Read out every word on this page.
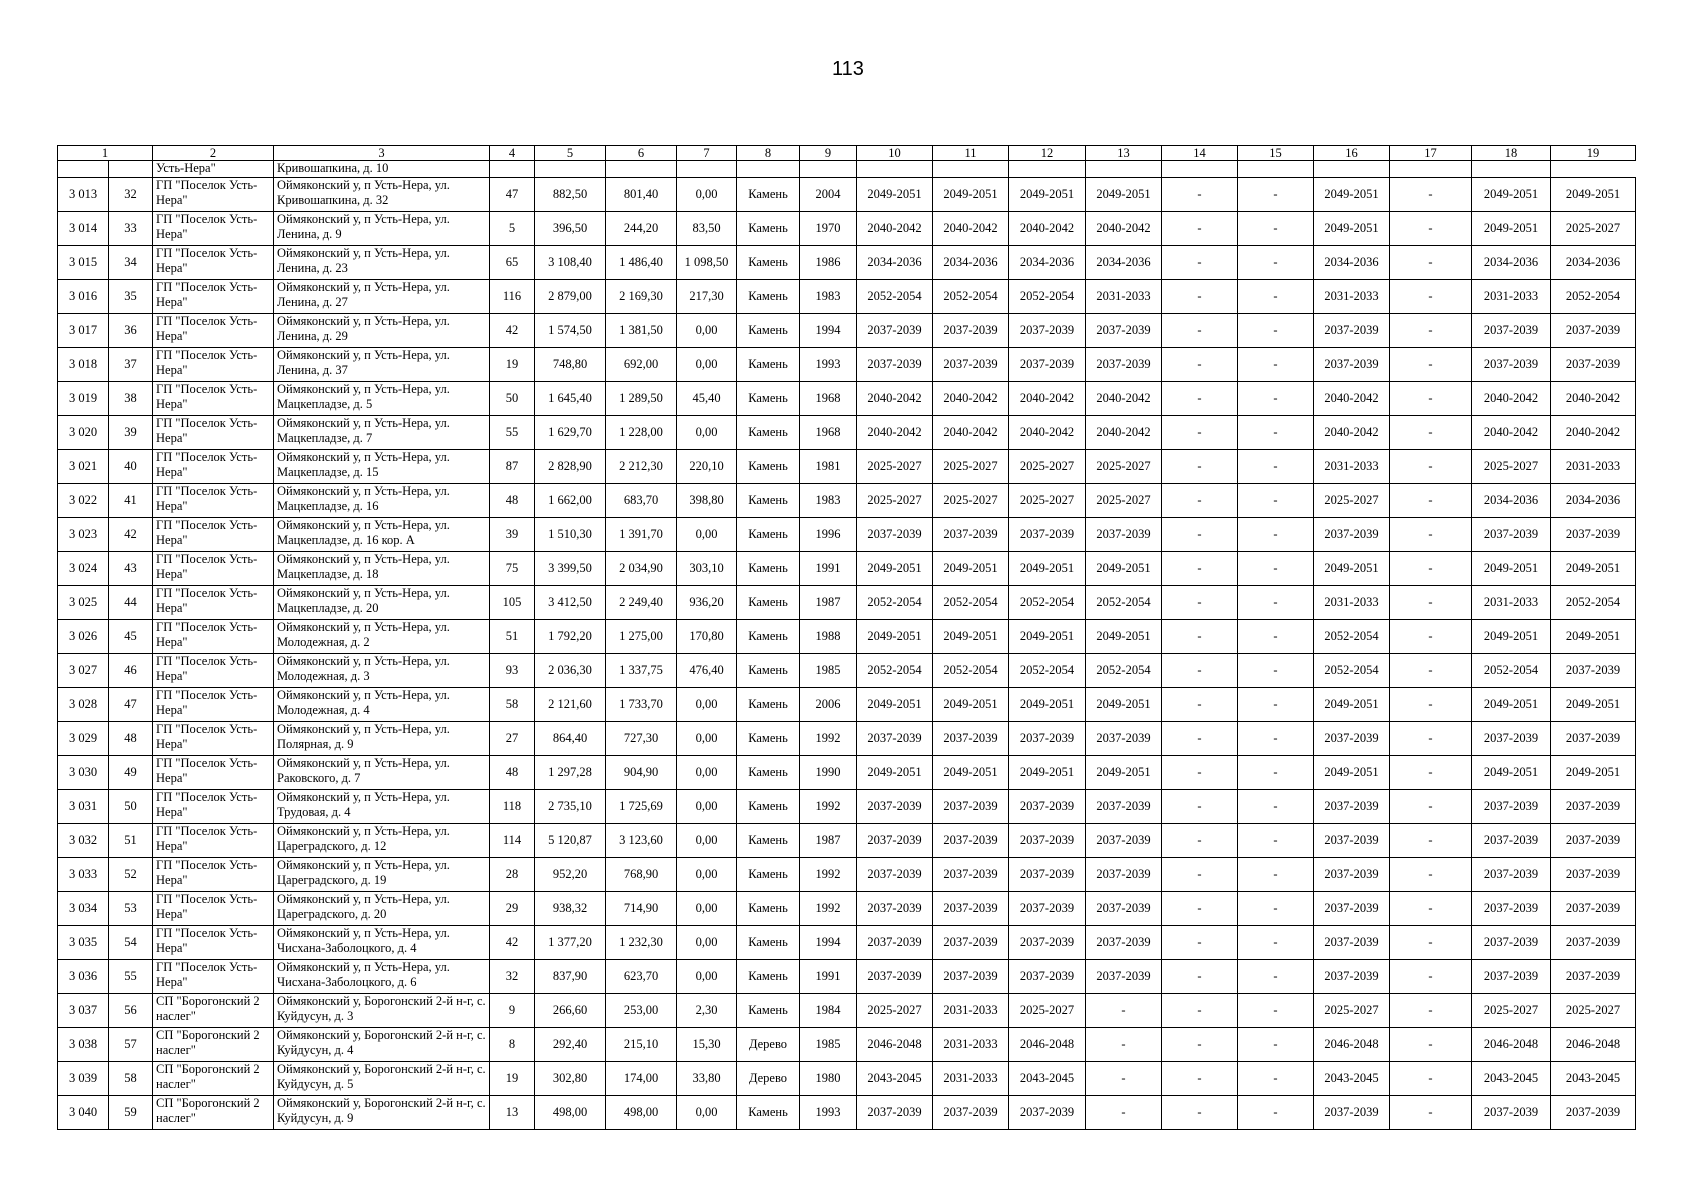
113
1		2	3	4	5	6	7	8	9	10	11	12	13	14	15	16	17	18	19
		Усть-Нера"	Кривошапкина, д. 10																
3 013	32	ГП "Поселок Усть-Нера"	Оймяконский у, п Усть-Нера, ул. Кривошапкина, д. 32	47	882,50	801,40	0,00	Камень	2004	2049-2051	2049-2051	2049-2051	2049-2051	-	-	2049-2051	-	2049-2051	2049-2051
3 014	33	ГП "Поселок Усть-Нера"	Оймяконский у, п Усть-Нера, ул. Ленина, д. 9	5	396,50	244,20	83,50	Камень	1970	2040-2042	2040-2042	2040-2042	2040-2042	-	-	2049-2051	-	2049-2051	2025-2027
3 015	34	ГП "Поселок Усть-Нера"	Оймяконский у, п Усть-Нера, ул. Ленина, д. 23	65	3 108,40	1 486,40	1 098,50	Камень	1986	2034-2036	2034-2036	2034-2036	2034-2036	-	-	2034-2036	-	2034-2036	2034-2036
3 016	35	ГП "Поселок Усть-Нера"	Оймяконский у, п Усть-Нера, ул. Ленина, д. 27	116	2 879,00	2 169,30	217,30	Камень	1983	2052-2054	2052-2054	2052-2054	2031-2033	-	-	2031-2033	-	2031-2033	2052-2054
3 017	36	ГП "Поселок Усть-Нера"	Оймяконский у, п Усть-Нера, ул. Ленина, д. 29	42	1 574,50	1 381,50	0,00	Камень	1994	2037-2039	2037-2039	2037-2039	2037-2039	-	-	2037-2039	-	2037-2039	2037-2039
3 018	37	ГП "Поселок Усть-Нера"	Оймяконский у, п Усть-Нера, ул. Ленина, д. 37	19	748,80	692,00	0,00	Камень	1993	2037-2039	2037-2039	2037-2039	2037-2039	-	-	2037-2039	-	2037-2039	2037-2039
3 019	38	ГП "Поселок Усть-Нера"	Оймяконский у, п Усть-Нера, ул. Мацкепладзе, д. 5	50	1 645,40	1 289,50	45,40	Камень	1968	2040-2042	2040-2042	2040-2042	2040-2042	-	-	2040-2042	-	2040-2042	2040-2042
3 020	39	ГП "Поселок Усть-Нера"	Оймяконский у, п Усть-Нера, ул. Мацкепладзе, д. 7	55	1 629,70	1 228,00	0,00	Камень	1968	2040-2042	2040-2042	2040-2042	2040-2042	-	-	2040-2042	-	2040-2042	2040-2042
3 021	40	ГП "Поселок Усть-Нера"	Оймяконский у, п Усть-Нера, ул. Мацкепладзе, д. 15	87	2 828,90	2 212,30	220,10	Камень	1981	2025-2027	2025-2027	2025-2027	2025-2027	-	-	2031-2033	-	2025-2027	2031-2033
3 022	41	ГП "Поселок Усть-Нера"	Оймяконский у, п Усть-Нера, ул. Мацкепладзе, д. 16	48	1 662,00	683,70	398,80	Камень	1983	2025-2027	2025-2027	2025-2027	2025-2027	-	-	2025-2027	-	2034-2036	2034-2036
3 023	42	ГП "Поселок Усть-Нера"	Оймяконский у, п Усть-Нера, ул. Мацкепладзе, д. 16 кор. А	39	1 510,30	1 391,70	0,00	Камень	1996	2037-2039	2037-2039	2037-2039	2037-2039	-	-	2037-2039	-	2037-2039	2037-2039
3 024	43	ГП "Поселок Усть-Нера"	Оймяконский у, п Усть-Нера, ул. Мацкепладзе, д. 18	75	3 399,50	2 034,90	303,10	Камень	1991	2049-2051	2049-2051	2049-2051	2049-2051	-	-	2049-2051	-	2049-2051	2049-2051
3 025	44	ГП "Поселок Усть-Нера"	Оймяконский у, п Усть-Нера, ул. Мацкепладзе, д. 20	105	3 412,50	2 249,40	936,20	Камень	1987	2052-2054	2052-2054	2052-2054	2052-2054	-	-	2031-2033	-	2031-2033	2052-2054
3 026	45	ГП "Поселок Усть-Нера"	Оймяконский у, п Усть-Нера, ул. Молодежная, д. 2	51	1 792,20	1 275,00	170,80	Камень	1988	2049-2051	2049-2051	2049-2051	2049-2051	-	-	2052-2054	-	2049-2051	2049-2051
3 027	46	ГП "Поселок Усть-Нера"	Оймяконский у, п Усть-Нера, ул. Молодежная, д. 3	93	2 036,30	1 337,75	476,40	Камень	1985	2052-2054	2052-2054	2052-2054	2052-2054	-	-	2052-2054	-	2052-2054	2037-2039
3 028	47	ГП "Поселок Усть-Нера"	Оймяконский у, п Усть-Нера, ул. Молодежная, д. 4	58	2 121,60	1 733,70	0,00	Камень	2006	2049-2051	2049-2051	2049-2051	2049-2051	-	-	2049-2051	-	2049-2051	2049-2051
3 029	48	ГП "Поселок Усть-Нера"	Оймяконский у, п Усть-Нера, ул. Полярная, д. 9	27	864,40	727,30	0,00	Камень	1992	2037-2039	2037-2039	2037-2039	2037-2039	-	-	2037-2039	-	2037-2039	2037-2039
3 030	49	ГП "Поселок Усть-Нера"	Оймяконский у, п Усть-Нера, ул. Раковского, д. 7	48	1 297,28	904,90	0,00	Камень	1990	2049-2051	2049-2051	2049-2051	2049-2051	-	-	2049-2051	-	2049-2051	2049-2051
3 031	50	ГП "Поселок Усть-Нера"	Оймяконский у, п Усть-Нера, ул. Трудовая, д. 4	118	2 735,10	1 725,69	0,00	Камень	1992	2037-2039	2037-2039	2037-2039	2037-2039	-	-	2037-2039	-	2037-2039	2037-2039
3 032	51	ГП "Поселок Усть-Нера"	Оймяконский у, п Усть-Нера, ул. Цареградского, д. 12	114	5 120,87	3 123,60	0,00	Камень	1987	2037-2039	2037-2039	2037-2039	2037-2039	-	-	2037-2039	-	2037-2039	2037-2039
3 033	52	ГП "Поселок Усть-Нера"	Оймяконский у, п Усть-Нера, ул. Цареградского, д. 19	28	952,20	768,90	0,00	Камень	1992	2037-2039	2037-2039	2037-2039	2037-2039	-	-	2037-2039	-	2037-2039	2037-2039
3 034	53	ГП "Поселок Усть-Нера"	Оймяконский у, п Усть-Нера, ул. Цареградского, д. 20	29	938,32	714,90	0,00	Камень	1992	2037-2039	2037-2039	2037-2039	2037-2039	-	-	2037-2039	-	2037-2039	2037-2039
3 035	54	ГП "Поселок Усть-Нера"	Оймяконский у, п Усть-Нера, ул. Чисхана-Заболоцкого, д. 4	42	1 377,20	1 232,30	0,00	Камень	1994	2037-2039	2037-2039	2037-2039	2037-2039	-	-	2037-2039	-	2037-2039	2037-2039
3 036	55	ГП "Поселок Усть-Нера"	Оймяконский у, п Усть-Нера, ул. Чисхана-Заболоцкого, д. 6	32	837,90	623,70	0,00	Камень	1991	2037-2039	2037-2039	2037-2039	2037-2039	-	-	2037-2039	-	2037-2039	2037-2039
3 037	56	СП "Борогонский 2 наслег"	Оймяконский у, Борогонский 2-й н-г, с. Куйдусун, д. 3	9	266,60	253,00	2,30	Камень	1984	2025-2027	2031-2033	2025-2027	-	-	-	2025-2027	-	2025-2027	2025-2027
3 038	57	СП "Борогонский 2 наслег"	Оймяконский у, Борогонский 2-й н-г, с. Куйдусун, д. 4	8	292,40	215,10	15,30	Дерево	1985	2046-2048	2031-2033	2046-2048	-	-	-	2046-2048	-	2046-2048	2046-2048
3 039	58	СП "Борогонский 2 наслег"	Оймяконский у, Борогонский 2-й н-г, с. Куйдусун, д. 5	19	302,80	174,00	33,80	Дерево	1980	2043-2045	2031-2033	2043-2045	-	-	-	2043-2045	-	2043-2045	2043-2045
3 040	59	СП "Борогонский 2 наслег"	Оймяконский у, Борогонский 2-й н-г, с. Куйдусун, д. 9	13	498,00	498,00	0,00	Камень	1993	2037-2039	2037-2039	2037-2039	-	-	-	2037-2039	-	2037-2039	2037-2039
